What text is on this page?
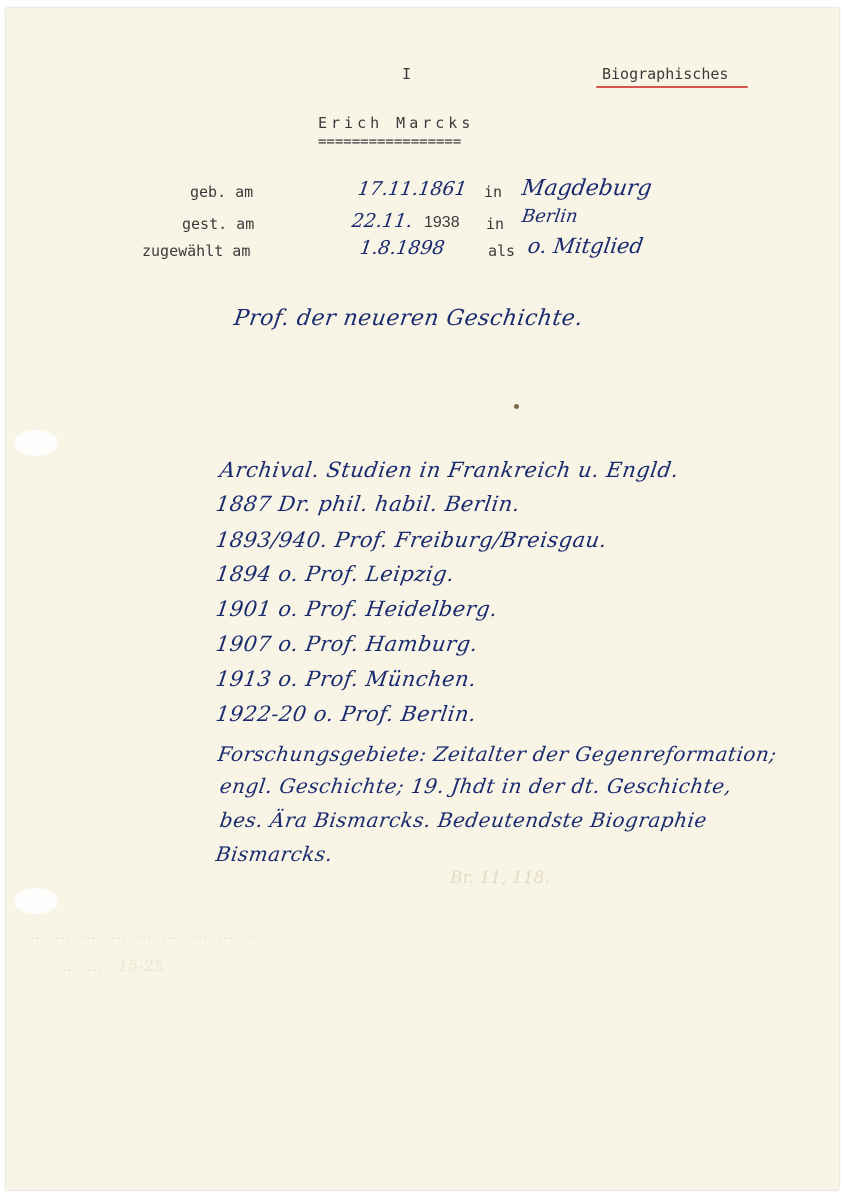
I	Biographisches
Erich Marcks
=================
geb. am	17.11.1861 in Magdeburg
gest. am	22.11. 1938 in Berlin
zugewählt am	1.8.1898	als o. Mitglied
Prof. der neueren Geschichte.
Archival. Studien in Frankreich u. Engld.
1887 Dr. phil. habil. Berlin.
1893/940. Prof. Freiburg/Breisgau.
1894 o. Prof. Leipzig.
1901 o. Prof. Heidelberg.
1907 o. Prof. Hamburg.
1913 o. Prof. München.
1922-20 o. Prof. Berlin.
Forschungsgebiete: Zeitalter der Gegenreformation;
engl. Geschichte; 19. Jhdt in der dt. Geschichte,
bes. Ära Bismarcks. Bedeutendste Biographie
Bismarcks.
Br. 11, 118.
...  ...  ...   ...  ...  ...   ...  ...  ...
...  ...   15-25
